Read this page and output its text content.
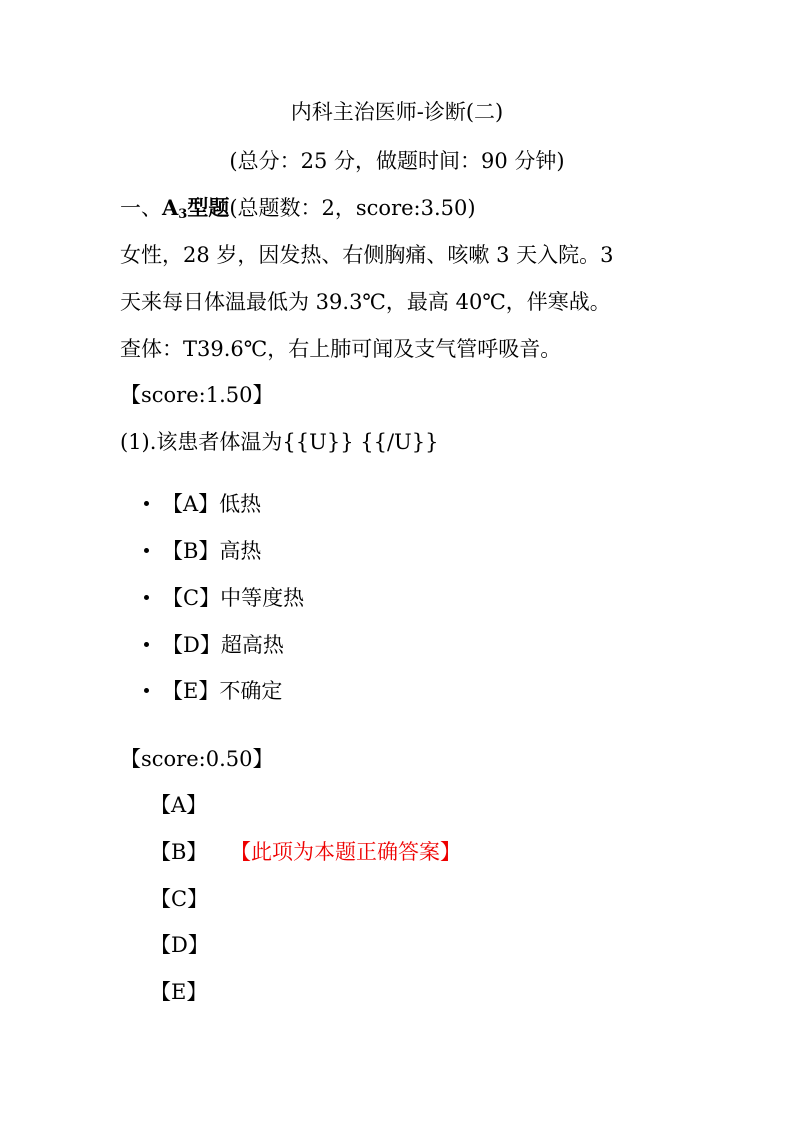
内科主治医师-诊断(二)
(总分：25 分，做题时间：90 分钟)
一、$A_3$型题(总题数：2，score:3.50)
女性，28 岁，因发热、右侧胸痛、咳嗽 3 天入院。3
天来每日体温最低为 39.3℃，最高 40℃，伴寒战。
查体：T39.6℃，右上肺可闻及支气管呼吸音。
【score:1.50】
(1).该患者体温为{{U}} {{/U}}
【A】低热
【B】高热
【C】中等度热
【D】超高热
【E】不确定
【score:0.50】
【A】
【B】 【此项为本题正确答案】
【C】
【D】
【E】
